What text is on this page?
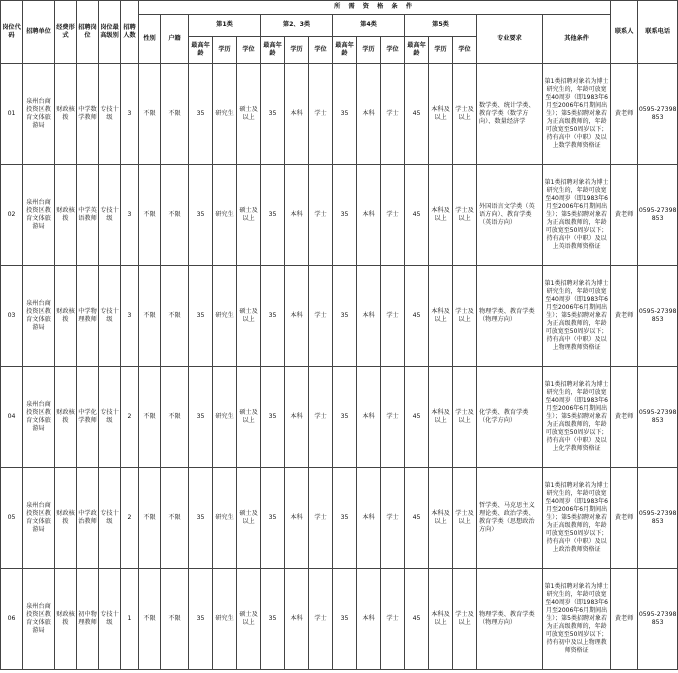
岗位代码	招聘单位	经费形式	招聘岗位	岗位最高级别	招聘人数	所 需 资 格 条 件																联系人	联系电话
						性别	户籍	第1类			第2、3类			第4类			第5类			专业要求	其他条件		
								最高年龄	学历	学位	最高年龄	学历	学位	最高年龄	学历	学位	最高年龄	学历	学位				
01	泉州台商投资区教育文体旅游局	财政核拨	中学数学教师	专技十级	3	不限	不限	35	研究生	硕士及以上	35	本科	学士	35	本科	学士	45	本科及以上	学士及以上	数学类、统计学类、教育学类（数学方向）、数量经济学	第1类招聘对象若为博士研究生的，年龄可放宽至40周岁（即1983年6月至2006年6月期间出生）；第5类招聘对象若为正高级教师的，年龄可放宽至50周岁以下；持有高中（中职）及以上数学教师资格证	黄老师	0595-27398853
02	泉州台商投资区教育文体旅游局	财政核拨	中学英语教师	专技十级	3	不限	不限	35	研究生	硕士及以上	35	本科	学士	35	本科	学士	45	本科及以上	学士及以上	外国语言文学类（英语方向）、教育学类（英语方向）	第1类招聘对象若为博士研究生的，年龄可放宽至40周岁（即1983年6月至2006年6月期间出生）；第5类招聘对象若为正高级教师的，年龄可放宽至50周岁以下；持有高中（中职）及以上英语教师资格证	黄老师	0595-27398853
03	泉州台商投资区教育文体旅游局	财政核拨	中学物理教师	专技十级	3	不限	不限	35	研究生	硕士及以上	35	本科	学士	35	本科	学士	45	本科及以上	学士及以上	物理学类、教育学类（物理方向）	第1类招聘对象若为博士研究生的，年龄可放宽至40周岁（即1983年6月至2006年6月期间出生）；第5类招聘对象若为正高级教师的，年龄可放宽至50周岁以下；持有高中（中职）及以上物理教师资格证	黄老师	0595-27398853
04	泉州台商投资区教育文体旅游局	财政核拨	中学化学教师	专技十级	2	不限	不限	35	研究生	硕士及以上	35	本科	学士	35	本科	学士	45	本科及以上	学士及以上	化学类、教育学类（化学方向）	第1类招聘对象若为博士研究生的，年龄可放宽至40周岁（即1983年6月至2006年6月期间出生）；第5类招聘对象若为正高级教师的，年龄可放宽至50周岁以下；持有高中（中职）及以上化学教师资格证	黄老师	0595-27398853
05	泉州台商投资区教育文体旅游局	财政核拨	中学政治教师	专技十级	2	不限	不限	35	研究生	硕士及以上	35	本科	学士	35	本科	学士	45	本科及以上	学士及以上	哲学类、马克思主义理论类、政治学类、教育学类（思想政治方向）	第1类招聘对象若为博士研究生的，年龄可放宽至40周岁（即1983年6月至2006年6月期间出生）；第5类招聘对象若为正高级教师的，年龄可放宽至50周岁以下；持有高中（中职）及以上政治教师资格证	黄老师	0595-27398853
06	泉州台商投资区教育文体旅游局	财政核拨	初中物理教师	专技十级	1	不限	不限	35	研究生	硕士及以上	35	本科	学士	35	本科	学士	45	本科及以上	学士及以上	物理学类、教育学类（物理方向）	第1类招聘对象若为博士研究生的，年龄可放宽至40周岁（即1983年6月至2006年6月期间出生）；第5类招聘对象若为正高级教师的，年龄可放宽至50周岁以下；持有初中及以上物理教师资格证	黄老师	0595-27398853
